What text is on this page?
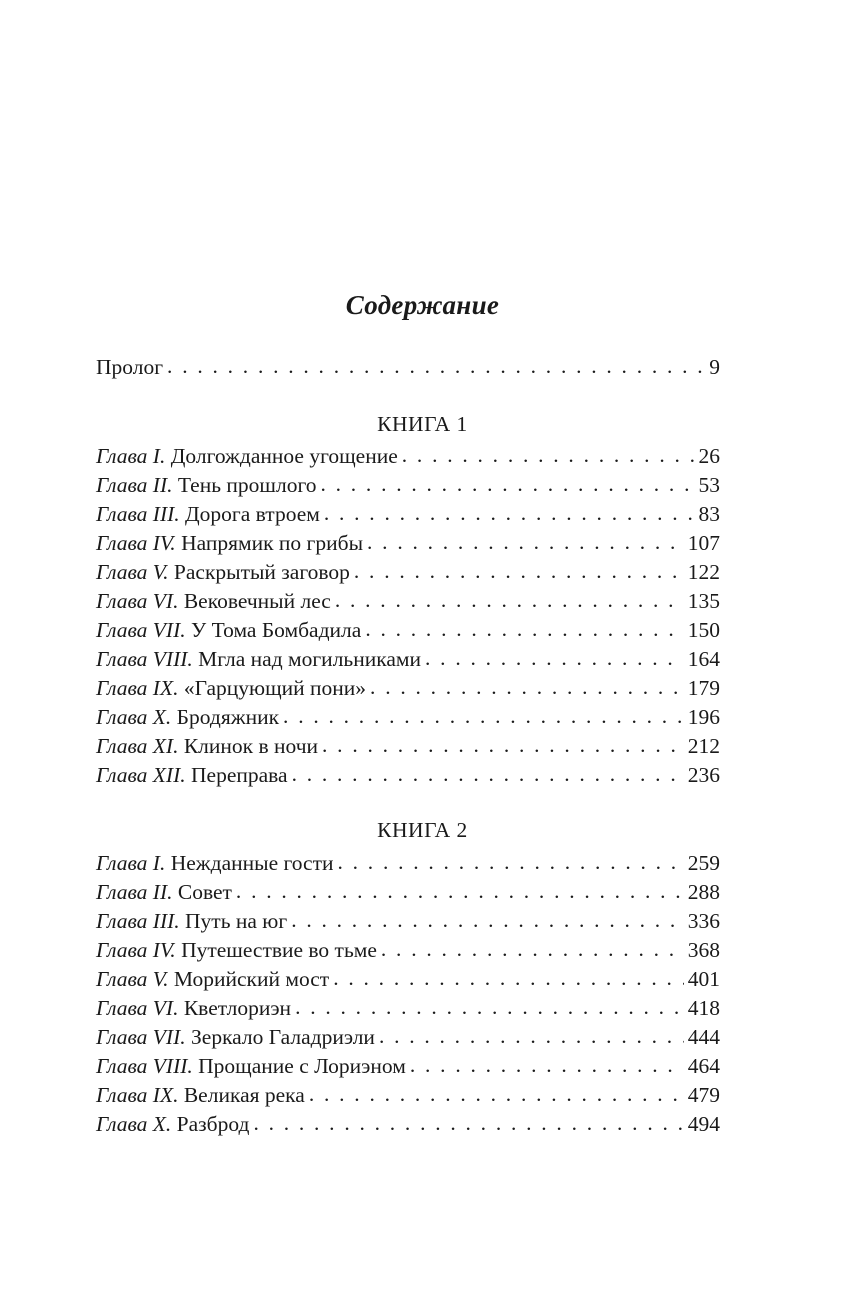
Содержание
Пролог . . .	9
КНИГА 1
Глава I. Долгожданное угощение . . .	26
Глава II. Тень прошлого . . .	53
Глава III. Дорога втроем . . .	83
Глава IV. Напрямик по грибы . . .	107
Глава V. Раскрытый заговор . . .	122
Глава VI. Вековечный лес . . .	135
Глава VII. У Тома Бомбадила . . .	150
Глава VIII. Мгла над могильниками . . .	164
Глава IX. «Гарцующий пони» . . .	179
Глава X. Бродяжник . . .	196
Глава XI. Клинок в ночи . . .	212
Глава XII. Переправа . . .	236
КНИГА 2
Глава I. Нежданные гости . . .	259
Глава II. Совет . . .	288
Глава III. Путь на юг . . .	336
Глава IV. Путешествие во тьме . . .	368
Глава V. Морийский мост . . .	401
Глава VI. Кветлориэн . . .	418
Глава VII. Зеркало Галадриэли . . .	444
Глава VIII. Прощание с Лориэном . . .	464
Глава IX. Великая река . . .	479
Глава X. Разброд . . .	494
